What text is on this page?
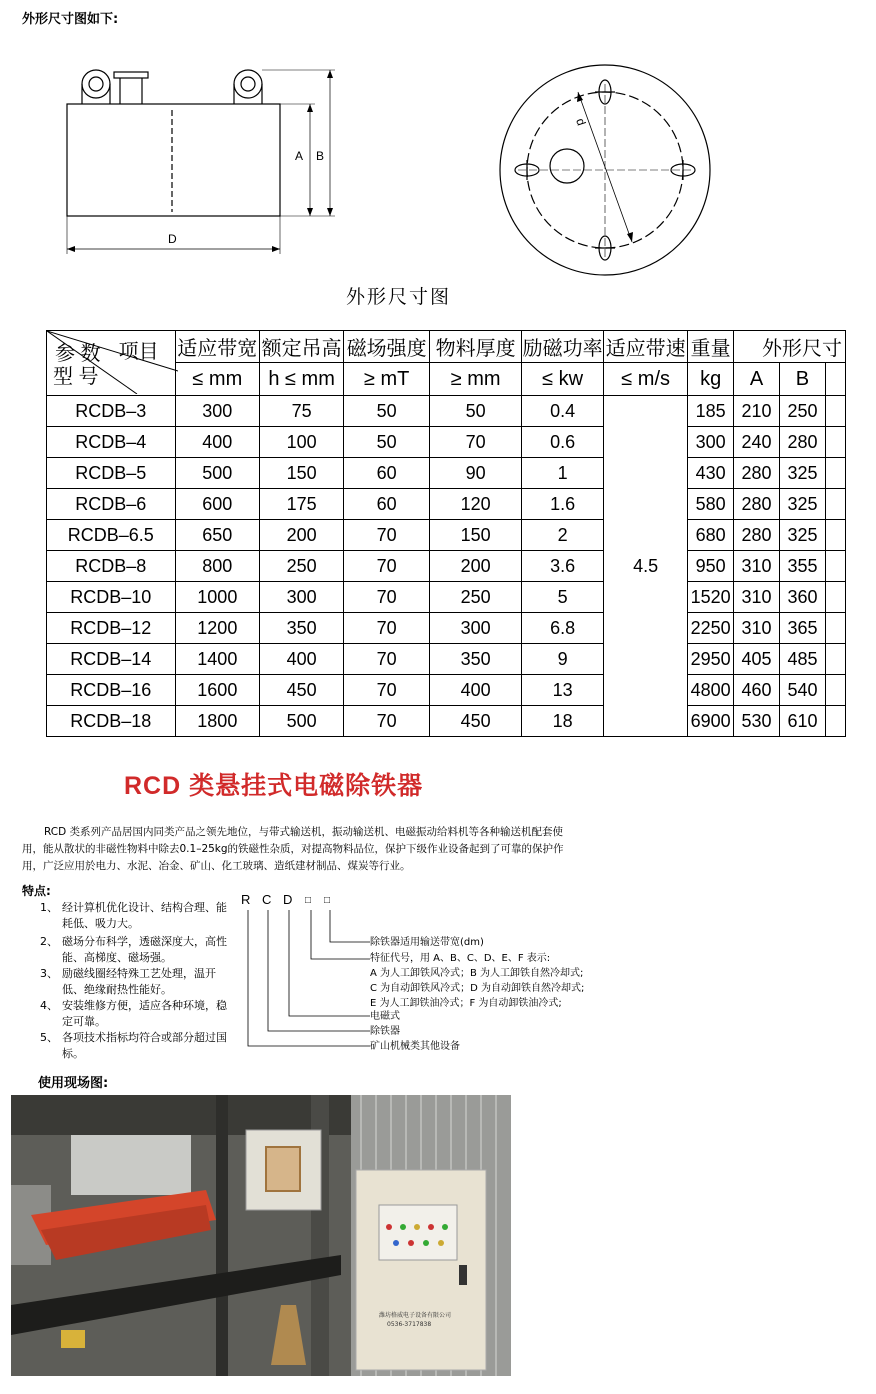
外形尺寸图如下:
A B
D
d
外形尺寸图
参 数 项目
型 号	适应带宽	额定吊高	磁场强度	物料厚度	励磁功率	适应带速	重量	外形尺寸		
	≤ mm	h ≤ mm	≥ mT	≥ mm	≤ kw	≤ m/s	kg	A	B	
RCDB–3	300	75	50	50	0.4	4.5	185	210	250	
RCDB–4	400	100	50	70	0.6		300	240	280	
RCDB–5	500	150	60	90	1		430	280	325	
RCDB–6	600	175	60	120	1.6		580	280	325	
RCDB–6.5	650	200	70	150	2		680	280	325	
RCDB–8	800	250	70	200	3.6		950	310	355	
RCDB–10	1000	300	70	250	5		1520	310	360	
RCDB–12	1200	350	70	300	6.8		2250	310	365	
RCDB–14	1400	400	70	350	9		2950	405	485	
RCDB–16	1600	450	70	400	13		4800	460	540	
RCDB–18	1800	500	70	450	18		6900	530	610	
RCD 类悬挂式电磁除铁器
RCD 类系列产品居国内同类产品之领先地位，与带式输送机，振动输送机、电磁振动给料机等各种输送机配套使用，能从散状的非磁性物料中除去0.1–25kg的铁磁性杂质，对提高物料品位，保护下级作业设备起到了可靠的保护作用，广泛应用於电力、水泥、冶金、矿山、化工玻璃、造纸建材制品、煤炭等行业。
特点:
1、 经计算机优化设计、结构合理、能耗低、吸力大。
2、 磁场分布科学，透磁深度大，高性能、高梯度、磁场强。
3、 励磁线圈经特殊工艺处理，温开低、绝缘耐热性能好。
4、 安装维修方便，适应各种环境，稳定可靠。
5、 各项技术指标均符合或部分超过国标。
R C D □ □
除铁器适用输送带宽(dm)
特征代号，用 A、B、C、D、E、F 表示:
A 为人工卸铁风冷式；B 为人工卸铁自然冷却式;
C 为自动卸铁风冷式；D 为自动卸铁自然冷却式;
E 为人工卸铁油冷式；F 为自动卸铁油冷式;
电磁式
除铁器
矿山机械类其他设备
使用现场图:
潍坊格威电子设备有限公司
0536-3717838
